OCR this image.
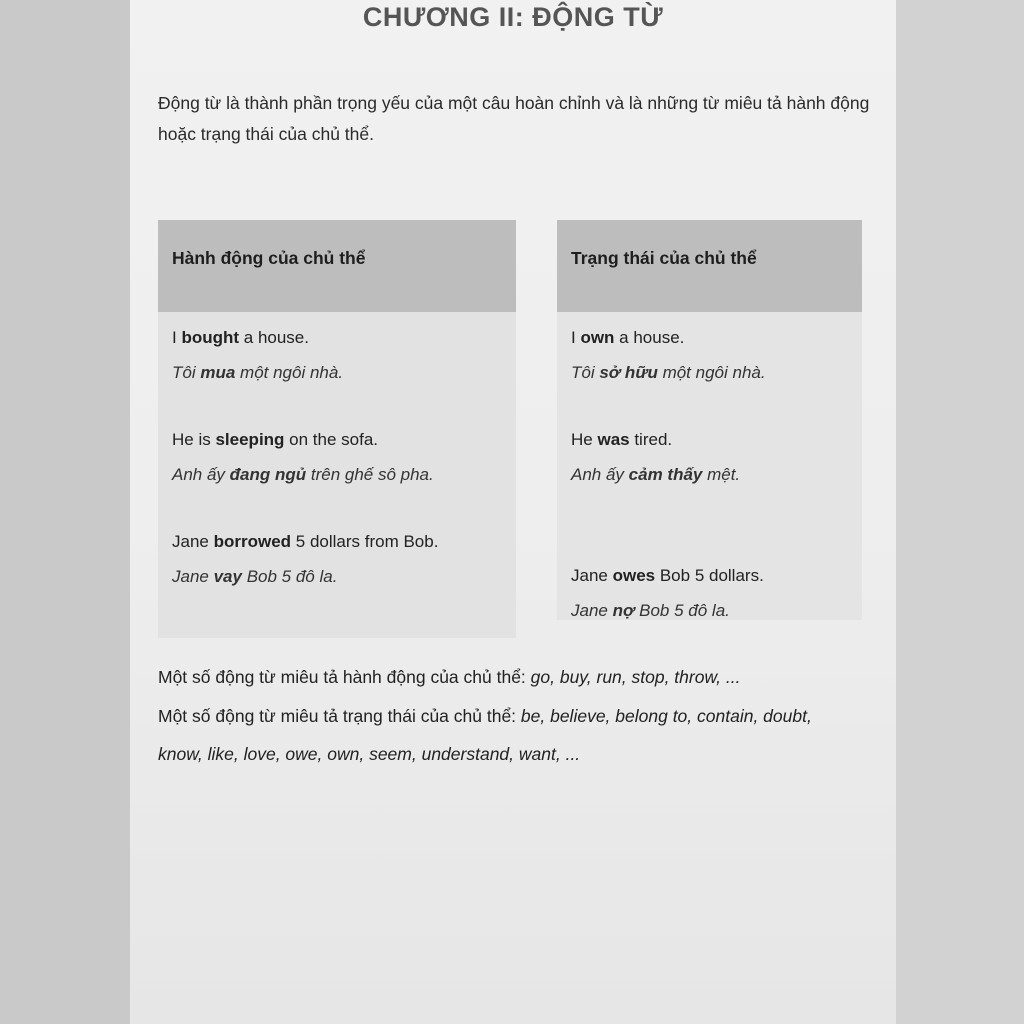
CHƯƠNG II: ĐỘNG TỪ
Động từ là thành phần trọng yếu của một câu hoàn chỉnh và là những từ miêu tả hành động hoặc trạng thái của chủ thể.
Hành động của chủ thể

I bought a house.

Tôi mua một ngôi nhà.

He is sleeping on the sofa.

Anh ấy đang ngủ trên ghế sô pha.

Jane borrowed 5 dollars from Bob.

Jane vay Bob 5 đô la.

Trạng thái của chủ thể

I own a house.

Tôi sở hữu một ngôi nhà.

He was tired.

Anh ấy cảm thấy mệt.

Jane owes Bob 5 dollars.

Jane nợ Bob 5 đô la.

Một số động từ miêu tả hành động của chủ thể: go, buy, run, stop, throw, ...

Một số động từ miêu tả trạng thái của chủ thể: be, believe, belong to, contain, doubt,

know, like, love, owe, own, seem, understand, want, ...
